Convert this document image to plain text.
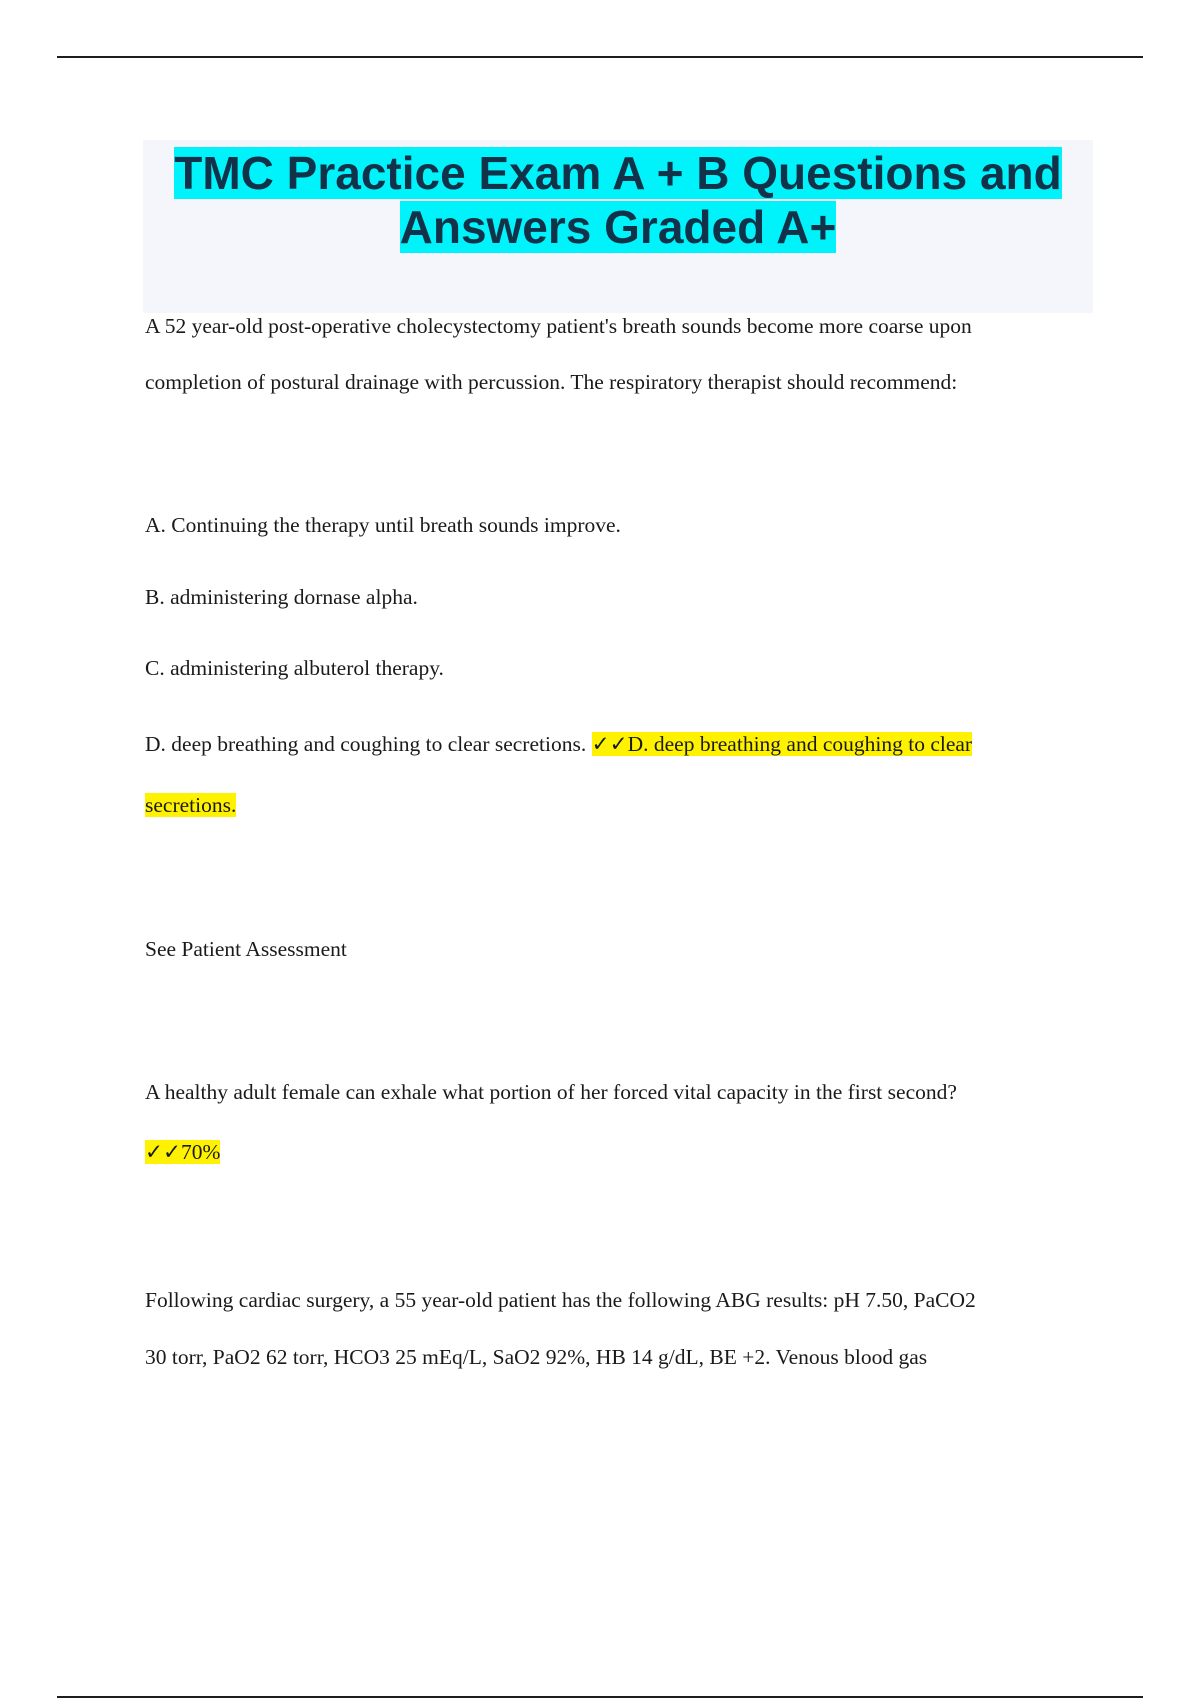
TMC Practice Exam A + B Questions and Answers Graded A+

A 52 year-old post-operative cholecystectomy patient's breath sounds become more coarse upon

completion of postural drainage with percussion. The respiratory therapist should recommend:

A. Continuing the therapy until breath sounds improve.

B. administering dornase alpha.

C. administering albuterol therapy.

D. deep breathing and coughing to clear secretions. ✓✓D. deep breathing and coughing to clear

secretions.

See Patient Assessment

A healthy adult female can exhale what portion of her forced vital capacity in the first second?

✓✓70%

Following cardiac surgery, a 55 year-old patient has the following ABG results: pH 7.50, PaCO2

30 torr, PaO2 62 torr, HCO3 25 mEq/L, SaO2 92%, HB 14 g/dL, BE +2. Venous blood gas
